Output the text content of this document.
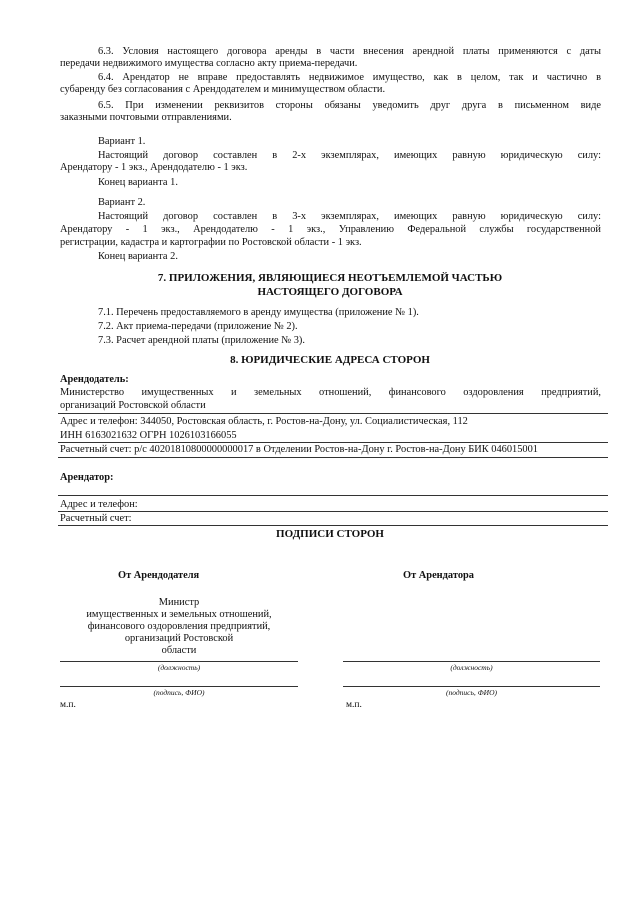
6.3. Условия настоящего договора аренды в части внесения арендной платы применяются с даты

передачи недвижимого имущества согласно акту приема-передачи.

6.4. Арендатор не вправе предоставлять недвижимое имущество, как в целом, так и частично в

субаренду без согласования с Арендодателем и минимуществом области.

6.5. При изменении реквизитов стороны обязаны уведомить друг друга в письменном виде

заказными почтовыми отправлениями.

Вариант 1.

Настоящий договор составлен в 2-х экземплярах, имеющих равную юридическую силу:

Арендатору - 1 экз., Арендодателю - 1 экз.

Конец варианта 1.

Вариант 2.

Настоящий договор составлен в 3-х экземплярах, имеющих равную юридическую силу:

Арендатору - 1 экз., Арендодателю - 1 экз., Управлению Федеральной службы государственной

регистрации, кадастра и картографии по Ростовской области - 1 экз.

Конец варианта 2.

7. ПРИЛОЖЕНИЯ, ЯВЛЯЮЩИЕСЯ НЕОТЪЕМЛЕМОЙ ЧАСТЬЮ

НАСТОЯЩЕГО ДОГОВОРА

7.1. Перечень предоставляемого в аренду имущества (приложение № 1).

7.2. Акт приема-передачи (приложение № 2).

7.3. Расчет арендной платы (приложение № 3).

8. ЮРИДИЧЕСКИЕ АДРЕСА СТОРОН

Арендодатель:

Министерство имущественных и земельных отношений, финансового оздоровления предприятий,

организаций Ростовской области

Адрес и телефон: 344050, Ростовская область, г. Ростов-на-Дону, ул. Социалистическая, 112

ИНН 6163021632 ОГРН 1026103166055

Расчетный счет: р/с 40201810800000000017 в Отделении Ростов-на-Дону г. Ростов-на-Дону БИК 046015001

Арендатор:

Адрес и телефон:

Расчетный счет:

ПОДПИСИ СТОРОН

От Арендодателя	От Арендатора

Министр

имущественных и земельных отношений,

финансового оздоровления предприятий,

организаций Ростовской

области

(должность)	(должность)
(подпись, ФИО)	(подпись, ФИО)

м.п.	м.п.
